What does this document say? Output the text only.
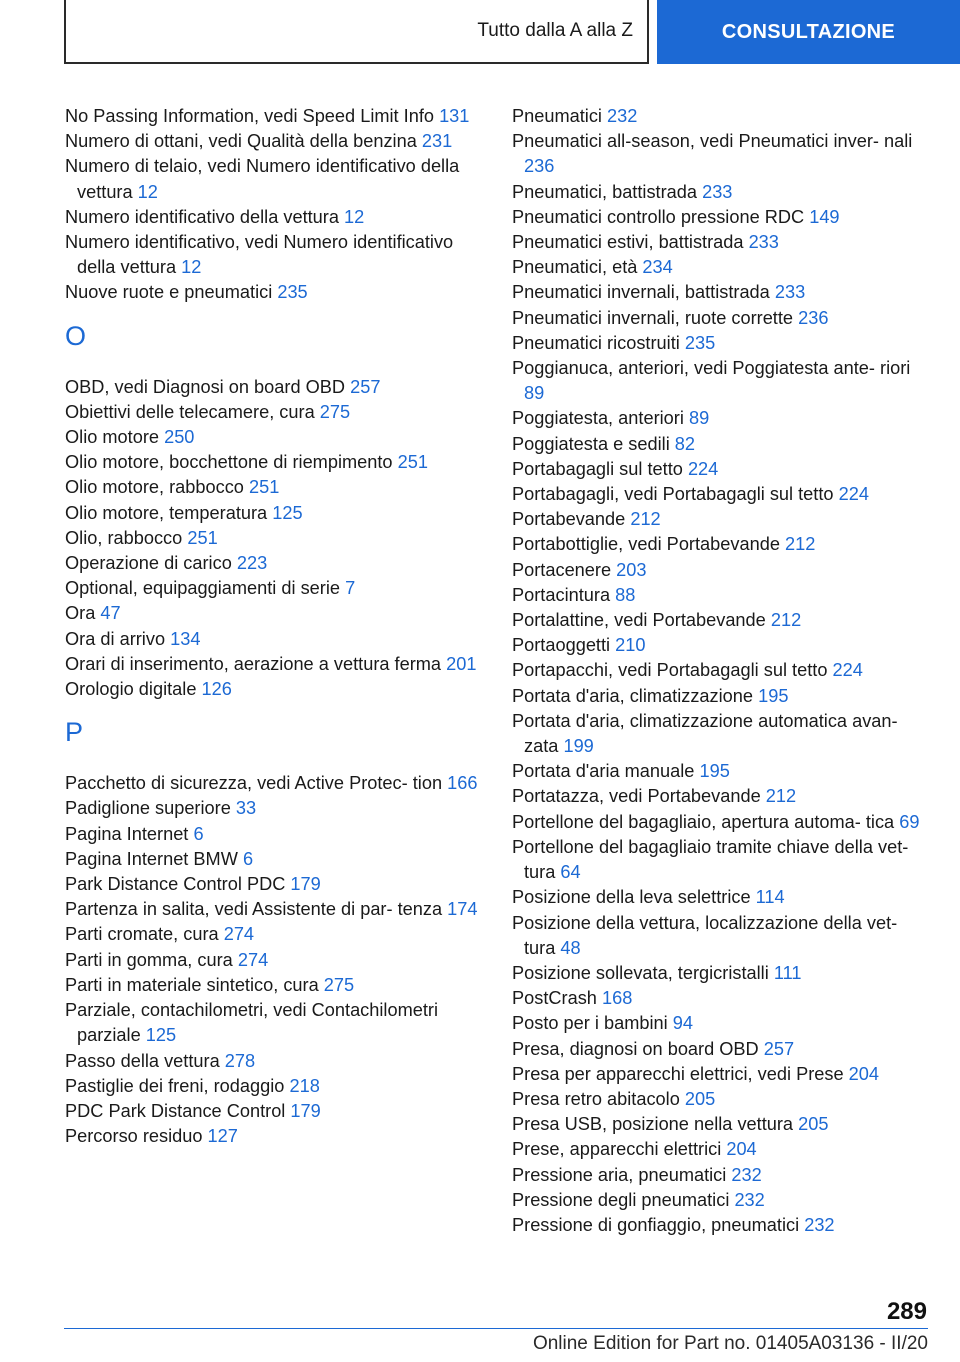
Tutto dalla A alla Z	CONSULTAZIONE

No Passing Information, vedi Speed Limit Info 131

Numero di ottani, vedi Qualità della benzina 231

Numero di telaio, vedi Numero identificativo della vettura 12

Numero identificativo della vettura 12

Numero identificativo, vedi Numero identificativo della vettura 12

Nuove ruote e pneumatici 235

O

OBD, vedi Diagnosi on board OBD 257

Obiettivi delle telecamere, cura 275

Olio motore 250

Olio motore, bocchettone di riempimento 251

Olio motore, rabbocco 251

Olio motore, temperatura 125

Olio, rabbocco 251

Operazione di carico 223

Optional, equipaggiamenti di serie 7

Ora 47

Ora di arrivo 134

Orari di inserimento, aerazione a vettura ferma 201

Orologio digitale 126

P

Pacchetto di sicurezza, vedi Active Protec‐ tion 166

Padiglione superiore 33

Pagina Internet 6

Pagina Internet BMW 6

Park Distance Control PDC 179

Partenza in salita, vedi Assistente di par‐ tenza 174

Parti cromate, cura 274

Parti in gomma, cura 274

Parti in materiale sintetico, cura 275

Parziale, contachilometri, vedi Contachilometri parziale 125

Passo della vettura 278

Pastiglie dei freni, rodaggio 218

PDC Park Distance Control 179

Percorso residuo 127

Pneumatici 232

Pneumatici all-season, vedi Pneumatici inver‐ nali 236

Pneumatici, battistrada 233

Pneumatici controllo pressione RDC 149

Pneumatici estivi, battistrada 233

Pneumatici, età 234

Pneumatici invernali, battistrada 233

Pneumatici invernali, ruote corrette 236

Pneumatici ricostruiti 235

Poggianuca, anteriori, vedi Poggiatesta ante‐ riori 89

Poggiatesta, anteriori 89

Poggiatesta e sedili 82

Portabagagli sul tetto 224

Portabagagli, vedi Portabagagli sul tetto 224

Portabevande 212

Portabottiglie, vedi Portabevande 212

Portacenere 203

Portacintura 88

Portalattine, vedi Portabevande 212

Portaoggetti 210

Portapacchi, vedi Portabagagli sul tetto 224

Portata d'aria, climatizzazione 195

Portata d'aria, climatizzazione automatica avan‐ zata 199

Portata d'aria manuale 195

Portatazza, vedi Portabevande 212

Portellone del bagagliaio, apertura automa‐ tica 69

Portellone del bagagliaio tramite chiave della vet‐ tura 64

Posizione della leva selettrice 114

Posizione della vettura, localizzazione della vet‐ tura 48

Posizione sollevata, tergicristalli 111

PostCrash 168

Posto per i bambini 94

Presa, diagnosi on board OBD 257

Presa per apparecchi elettrici, vedi Prese 204

Presa retro abitacolo 205

Presa USB, posizione nella vettura 205

Prese, apparecchi elettrici 204

Pressione aria, pneumatici 232

Pressione degli pneumatici 232

Pressione di gonfiaggio, pneumatici 232

289
Online Edition for Part no. 01405A03136 - II/20
